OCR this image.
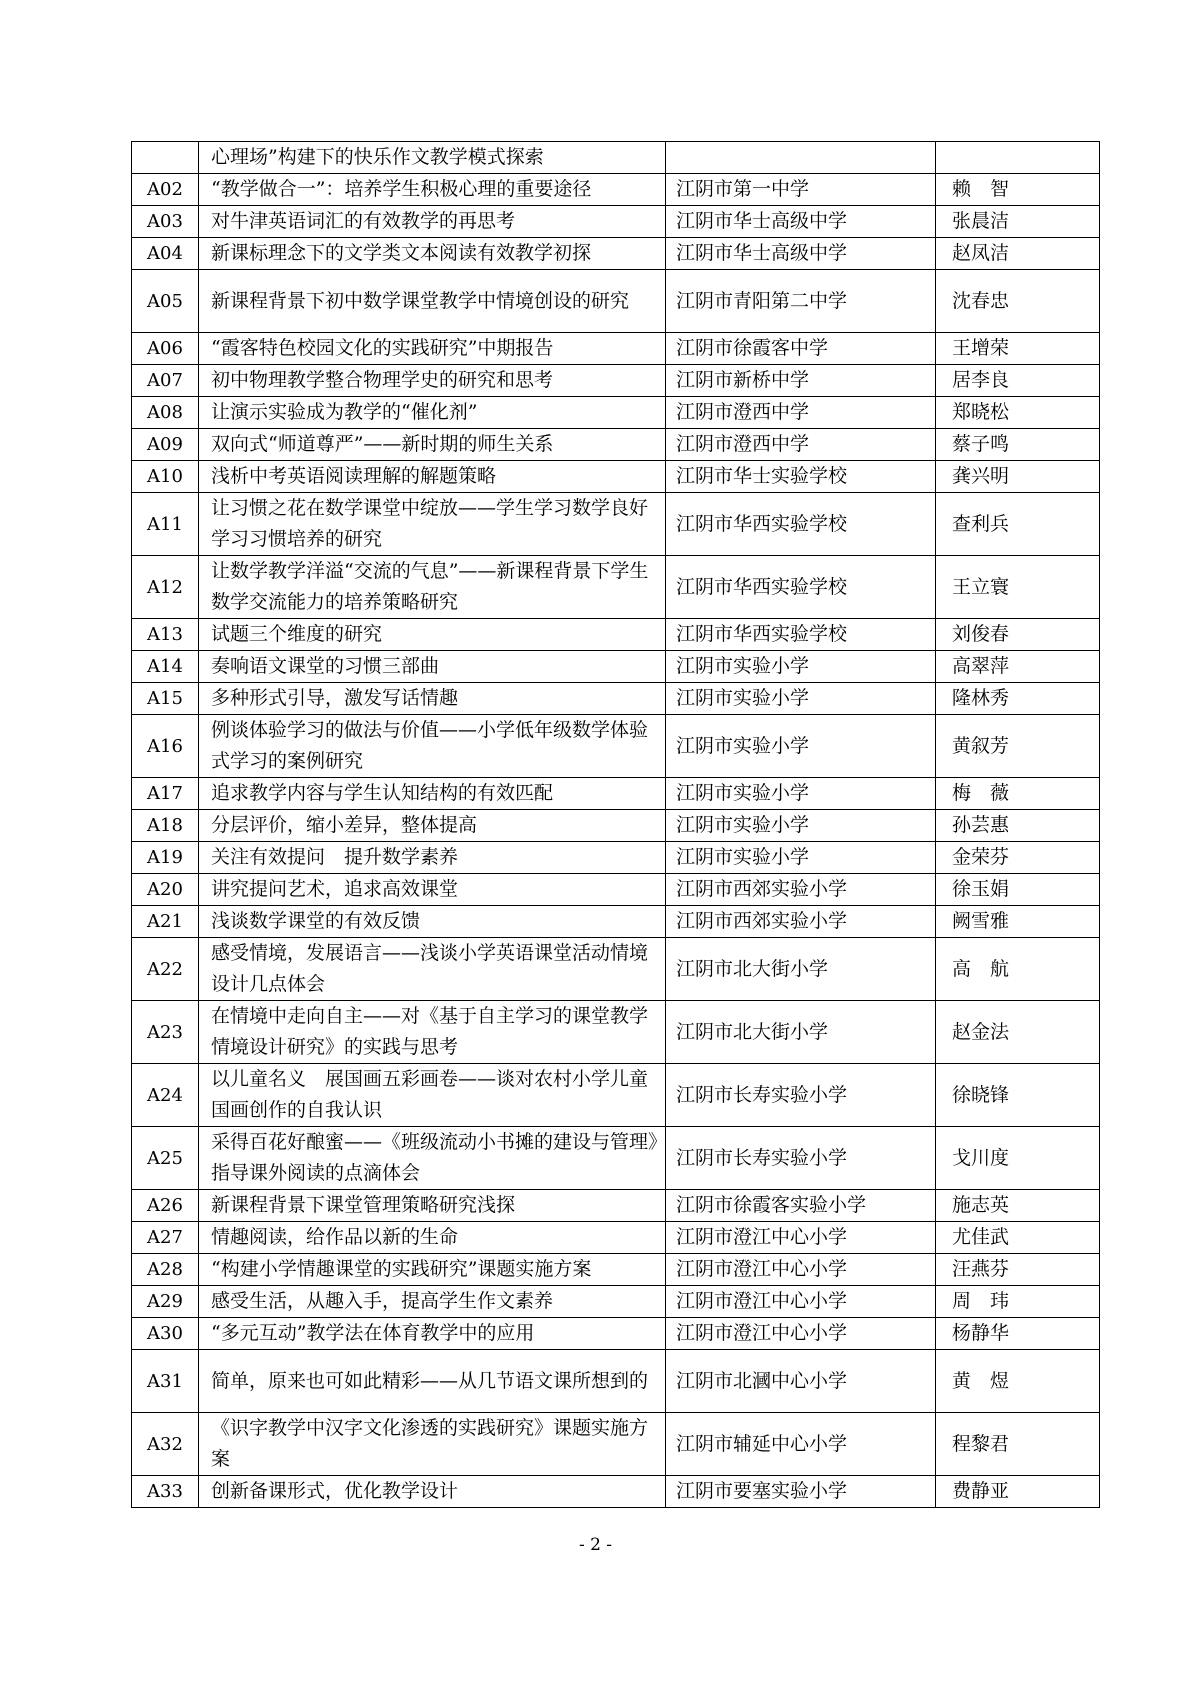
	心理场”构建下的快乐作文教学模式探索		
A02	“教学做合一”：培养学生积极心理的重要途径	江阴市第一中学	赖　智
A03	对牛津英语词汇的有效教学的再思考	江阴市华士高级中学	张晨洁
A04	新课标理念下的文学类文本阅读有效教学初探	江阴市华士高级中学	赵凤洁
A05	新课程背景下初中数学课堂教学中情境创设的研究	江阴市青阳第二中学	沈春忠
A06	“霞客特色校园文化的实践研究”中期报告	江阴市徐霞客中学	王增荣
A07	初中物理教学整合物理学史的研究和思考	江阴市新桥中学	居李良
A08	让演示实验成为教学的“催化剂”	江阴市澄西中学	郑晓松
A09	双向式“师道尊严”——新时期的师生关系	江阴市澄西中学	蔡子鸣
A10	浅析中考英语阅读理解的解题策略	江阴市华士实验学校	龚兴明
A11	让习惯之花在数学课堂中绽放——学生学习数学良好学习习惯培养的研究	江阴市华西实验学校	查利兵
A12	让数学教学洋溢“交流的气息”——新课程背景下学生数学交流能力的培养策略研究	江阴市华西实验学校	王立寰
A13	试题三个维度的研究	江阴市华西实验学校	刘俊春
A14	奏响语文课堂的习惯三部曲	江阴市实验小学	高翠萍
A15	多种形式引导，激发写话情趣	江阴市实验小学	隆林秀
A16	例谈体验学习的做法与价值——小学低年级数学体验式学习的案例研究	江阴市实验小学	黄叙芳
A17	追求教学内容与学生认知结构的有效匹配	江阴市实验小学	梅　薇
A18	分层评价，缩小差异，整体提高	江阴市实验小学	孙芸惠
A19	关注有效提问　提升数学素养	江阴市实验小学	金荣芬
A20	讲究提问艺术，追求高效课堂	江阴市西郊实验小学	徐玉娟
A21	浅谈数学课堂的有效反馈	江阴市西郊实验小学	阙雪雅
A22	感受情境，发展语言——浅谈小学英语课堂活动情境设计几点体会	江阴市北大街小学	高　航
A23	在情境中走向自主——对《基于自主学习的课堂教学情境设计研究》的实践与思考	江阴市北大街小学	赵金法
A24	以儿童名义　展国画五彩画卷——谈对农村小学儿童国画创作的自我认识	江阴市长寿实验小学	徐晓锋
A25	采得百花好酿蜜——《班级流动小书摊的建设与管理》指导课外阅读的点滴体会	江阴市长寿实验小学	戈川度
A26	新课程背景下课堂管理策略研究浅探	江阴市徐霞客实验小学	施志英
A27	情趣阅读，给作品以新的生命	江阴市澄江中心小学	尤佳武
A28	“构建小学情趣课堂的实践研究”课题实施方案	江阴市澄江中心小学	汪燕芬
A29	感受生活，从趣入手，提高学生作文素养	江阴市澄江中心小学	周　玮
A30	“多元互动”教学法在体育教学中的应用	江阴市澄江中心小学	杨静华
A31	简单，原来也可如此精彩——从几节语文课所想到的	江阴市北漍中心小学	黄　煜
A32	《识字教学中汉字文化渗透的实践研究》课题实施方案	江阴市辅延中心小学	程黎君
A33	创新备课形式，优化教学设计	江阴市要塞实验小学	费静亚
- 2 -
